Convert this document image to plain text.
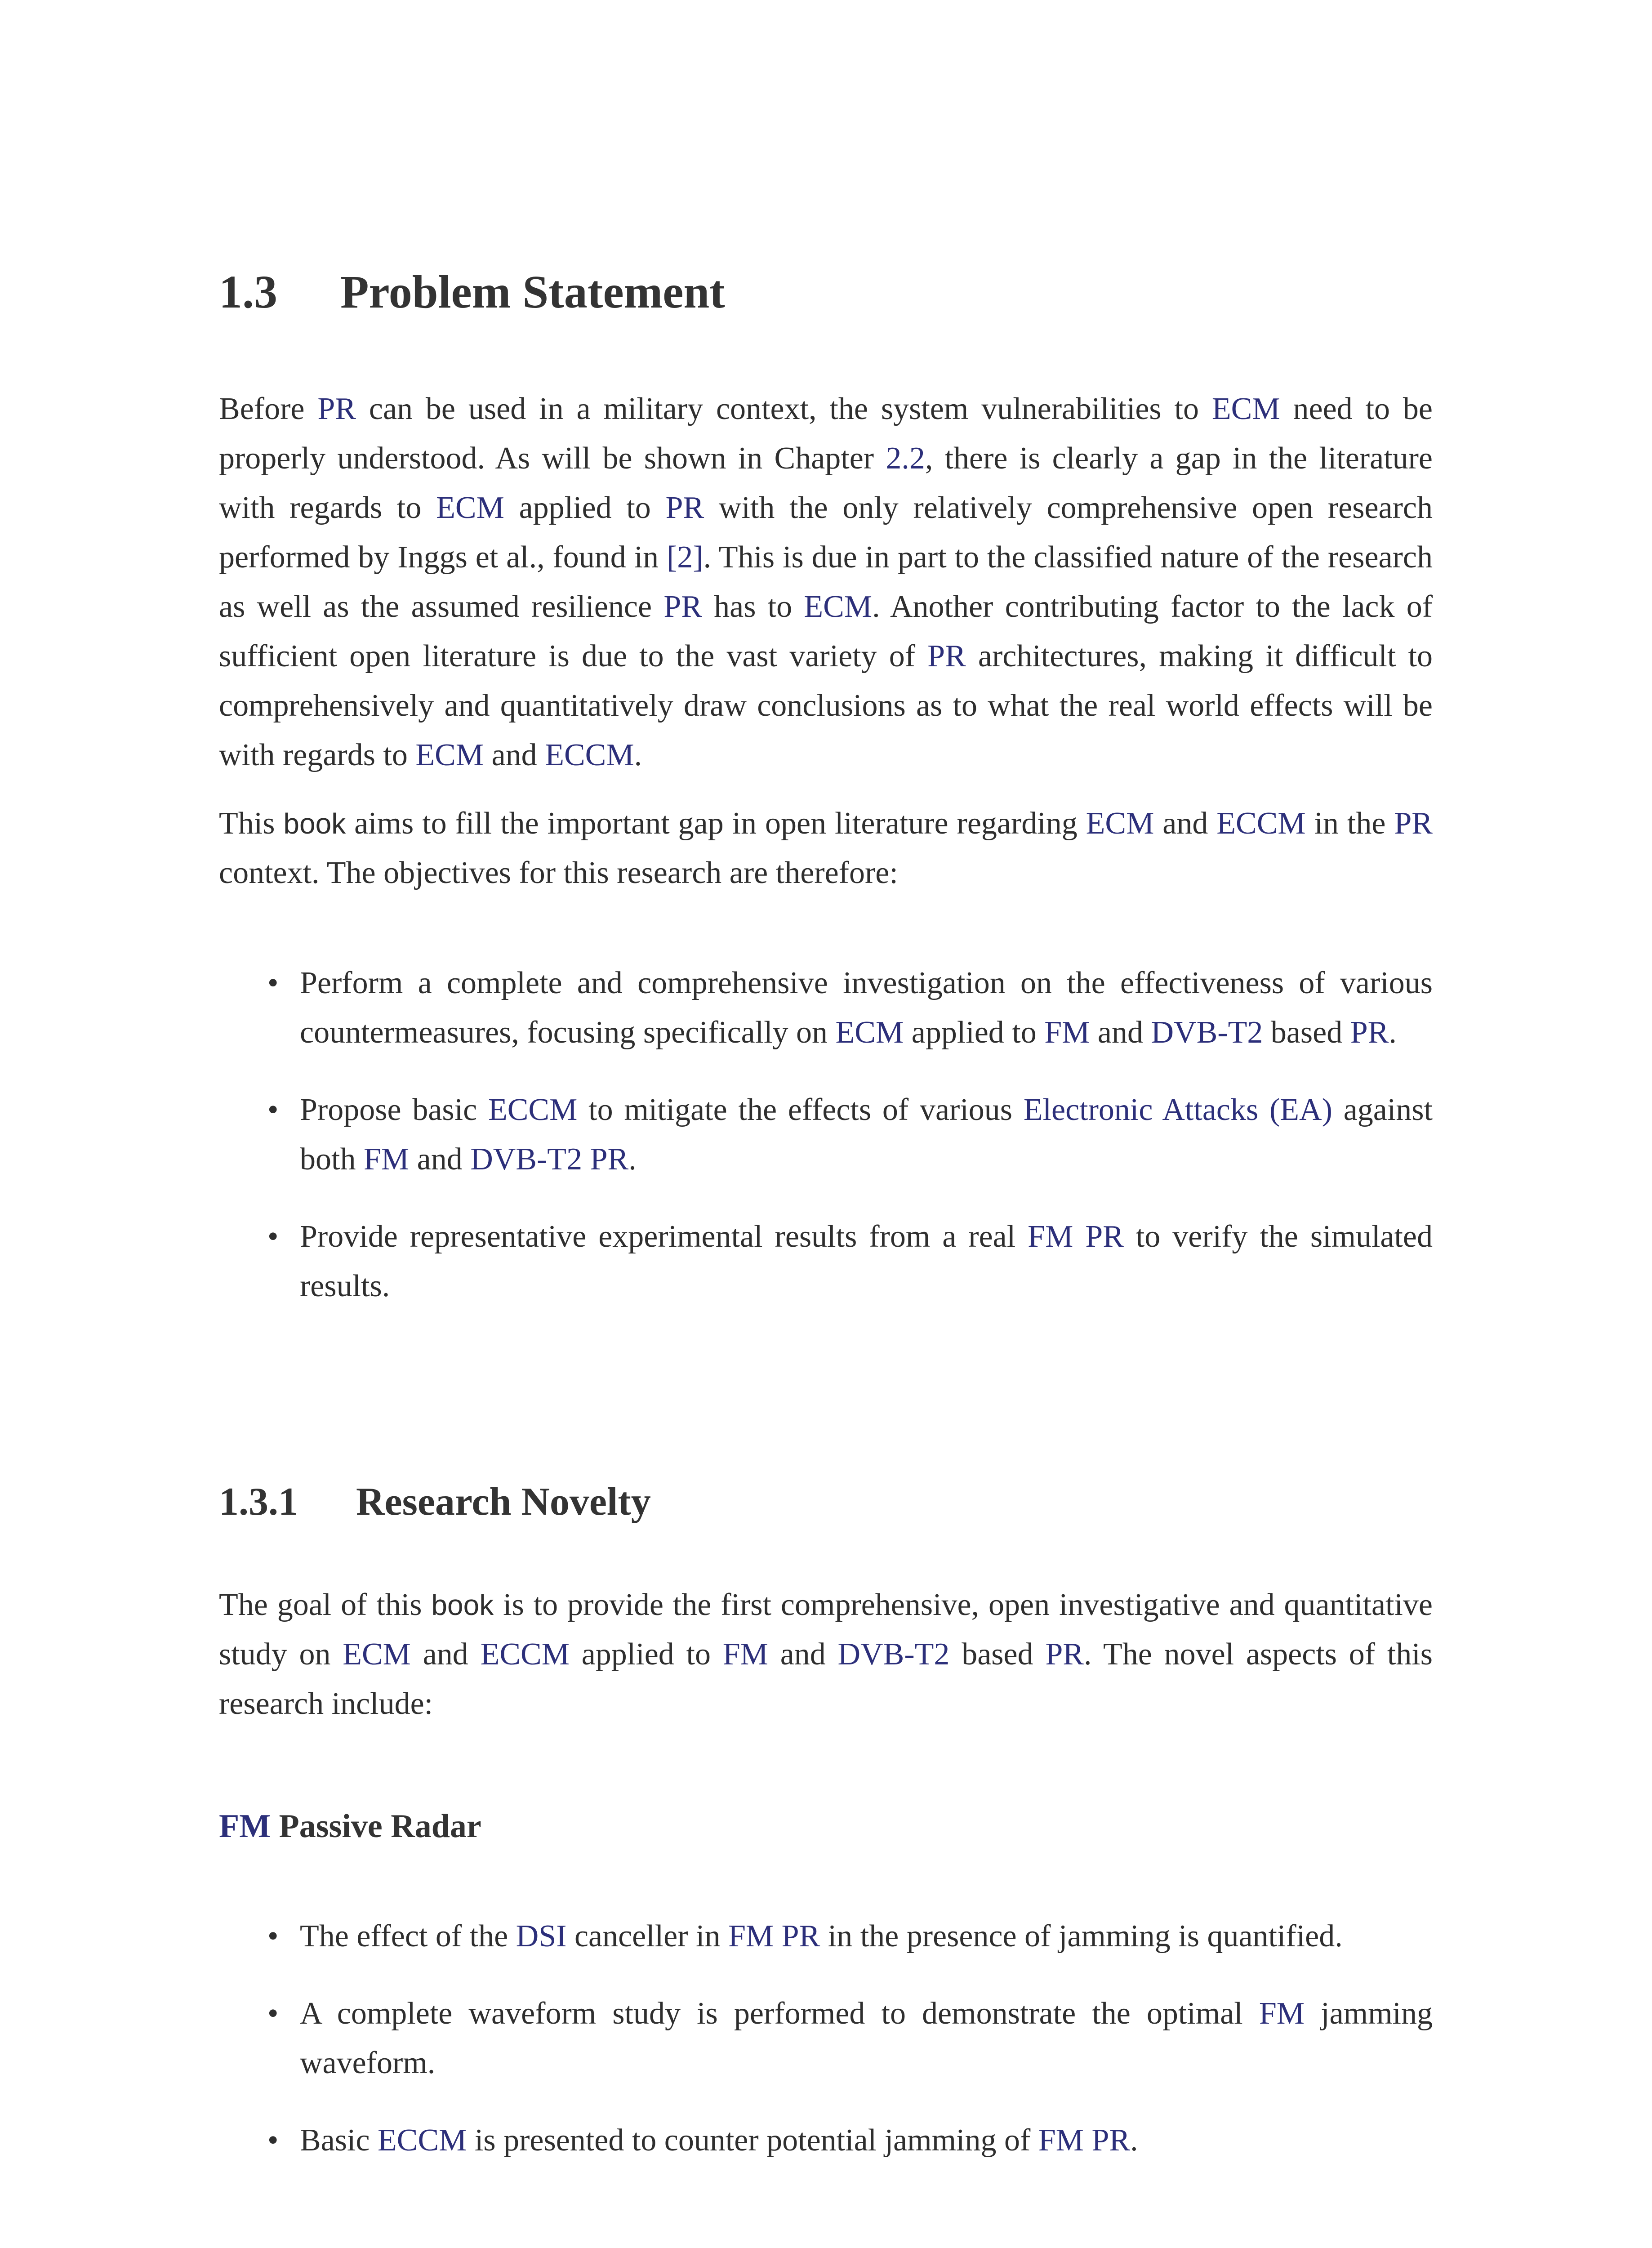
1.3 Problem Statement

Before PR can be used in a military context, the system vulnerabilities to ECM need to be properly understood. As will be shown in Chapter 2.2, there is clearly a gap in the literature with regards to ECM applied to PR with the only relatively comprehensive open research performed by Inggs et al., found in [2]. This is due in part to the classified nature of the research as well as the assumed resilience PR has to ECM. Another contributing factor to the lack of sufficient open literature is due to the vast variety of PR architectures, making it difficult to comprehensively and quantitatively draw conclusions as to what the real world effects will be with regards to ECM and ECCM.

This book aims to fill the important gap in open literature regarding ECM and ECCM in the PR context. The objectives for this research are therefore:

• Perform a complete and comprehensive investigation on the effectiveness of various countermeasures, focusing specifically on ECM applied to FM and DVB-T2 based PR.
• Propose basic ECCM to mitigate the effects of various Electronic Attacks (EA) against both FM and DVB-T2 PR.
• Provide representative experimental results from a real FM PR to verify the simulated results.
1.3.1 Research Novelty

The goal of this book is to provide the first comprehensive, open investigative and quantitative study on ECM and ECCM applied to FM and DVB-T2 based PR. The novel aspects of this research include:

FM Passive Radar
• The effect of the DSI canceller in FM PR in the presence of jamming is quantified.
• A complete waveform study is performed to demonstrate the optimal FM jamming waveform.
• Basic ECCM is presented to counter potential jamming of FM PR.
